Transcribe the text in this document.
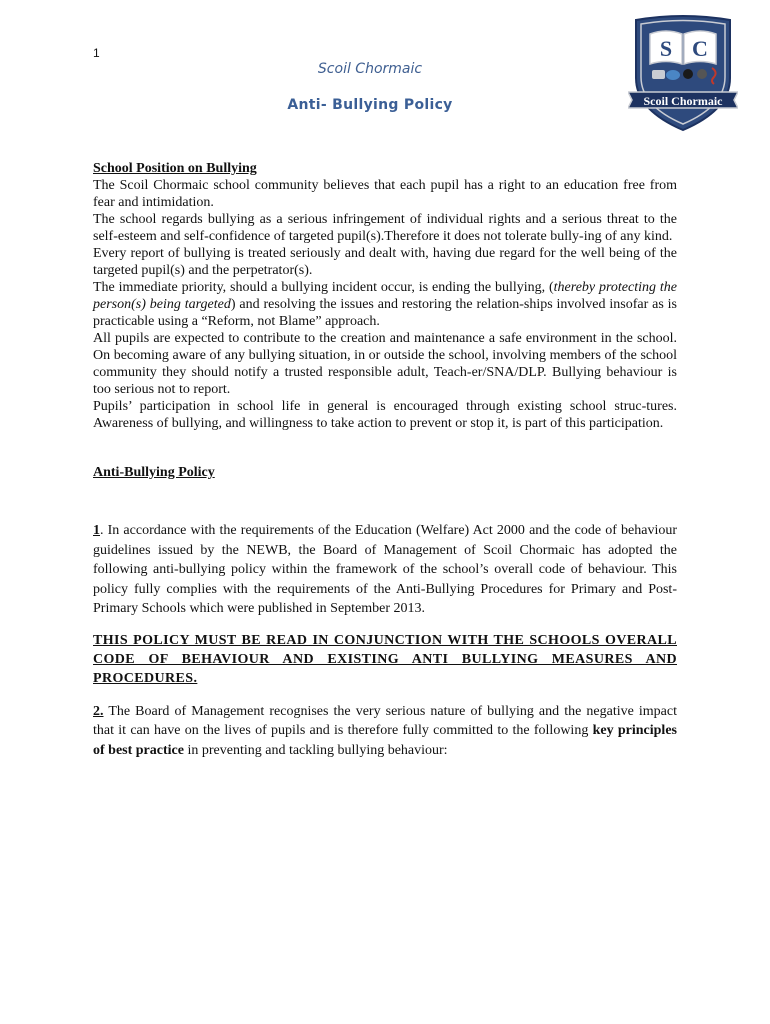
1
Scoil Chormaic
Anti- Bullying Policy
S C
Scoil Chormaic

School Position on Bullying

The Scoil Chormaic school community believes that each pupil has a right to an education free from fear and intimidation.

The school regards bullying as a serious infringement of individual rights and a serious threat to the self-esteem and self-confidence of targeted pupil(s).Therefore it does not tolerate bully-ing of any kind.

Every report of bullying is treated seriously and dealt with, having due regard for the well being of the targeted pupil(s) and the perpetrator(s).

The immediate priority, should a bullying incident occur, is ending the bullying, (thereby protecting the person(s) being targeted) and resolving the issues and restoring the relation-ships involved insofar as is practicable using a “Reform, not Blame” approach.

All pupils are expected to contribute to the creation and maintenance a safe environment in the school. On becoming aware of any bullying situation, in or outside the school, involving members of the school community they should notify a trusted responsible adult, Teach-er/SNA/DLP. Bullying behaviour is too serious not to report.

Pupils’ participation in school life in general is encouraged through existing school struc-tures. Awareness of bullying, and willingness to take action to prevent or stop it, is part of this participation.

Anti-Bullying Policy

1. In accordance with the requirements of the Education (Welfare) Act 2000 and the code of behaviour guidelines issued by the NEWB, the Board of Management of Scoil Chormaic has adopted the following anti-bullying policy within the framework of the school’s overall code of behaviour. This policy fully complies with the requirements of the Anti-Bullying Procedures for Primary and Post-Primary Schools which were published in September 2013.

THIS POLICY MUST BE READ IN CONJUNCTION WITH THE SCHOOLS OVERALL CODE OF BEHAVIOUR AND EXISTING ANTI BULLYING MEASURES AND PROCEDURES.

2. The Board of Management recognises the very serious nature of bullying and the negative impact that it can have on the lives of pupils and is therefore fully committed to the following key principles of best practice in preventing and tackling bullying behaviour:
